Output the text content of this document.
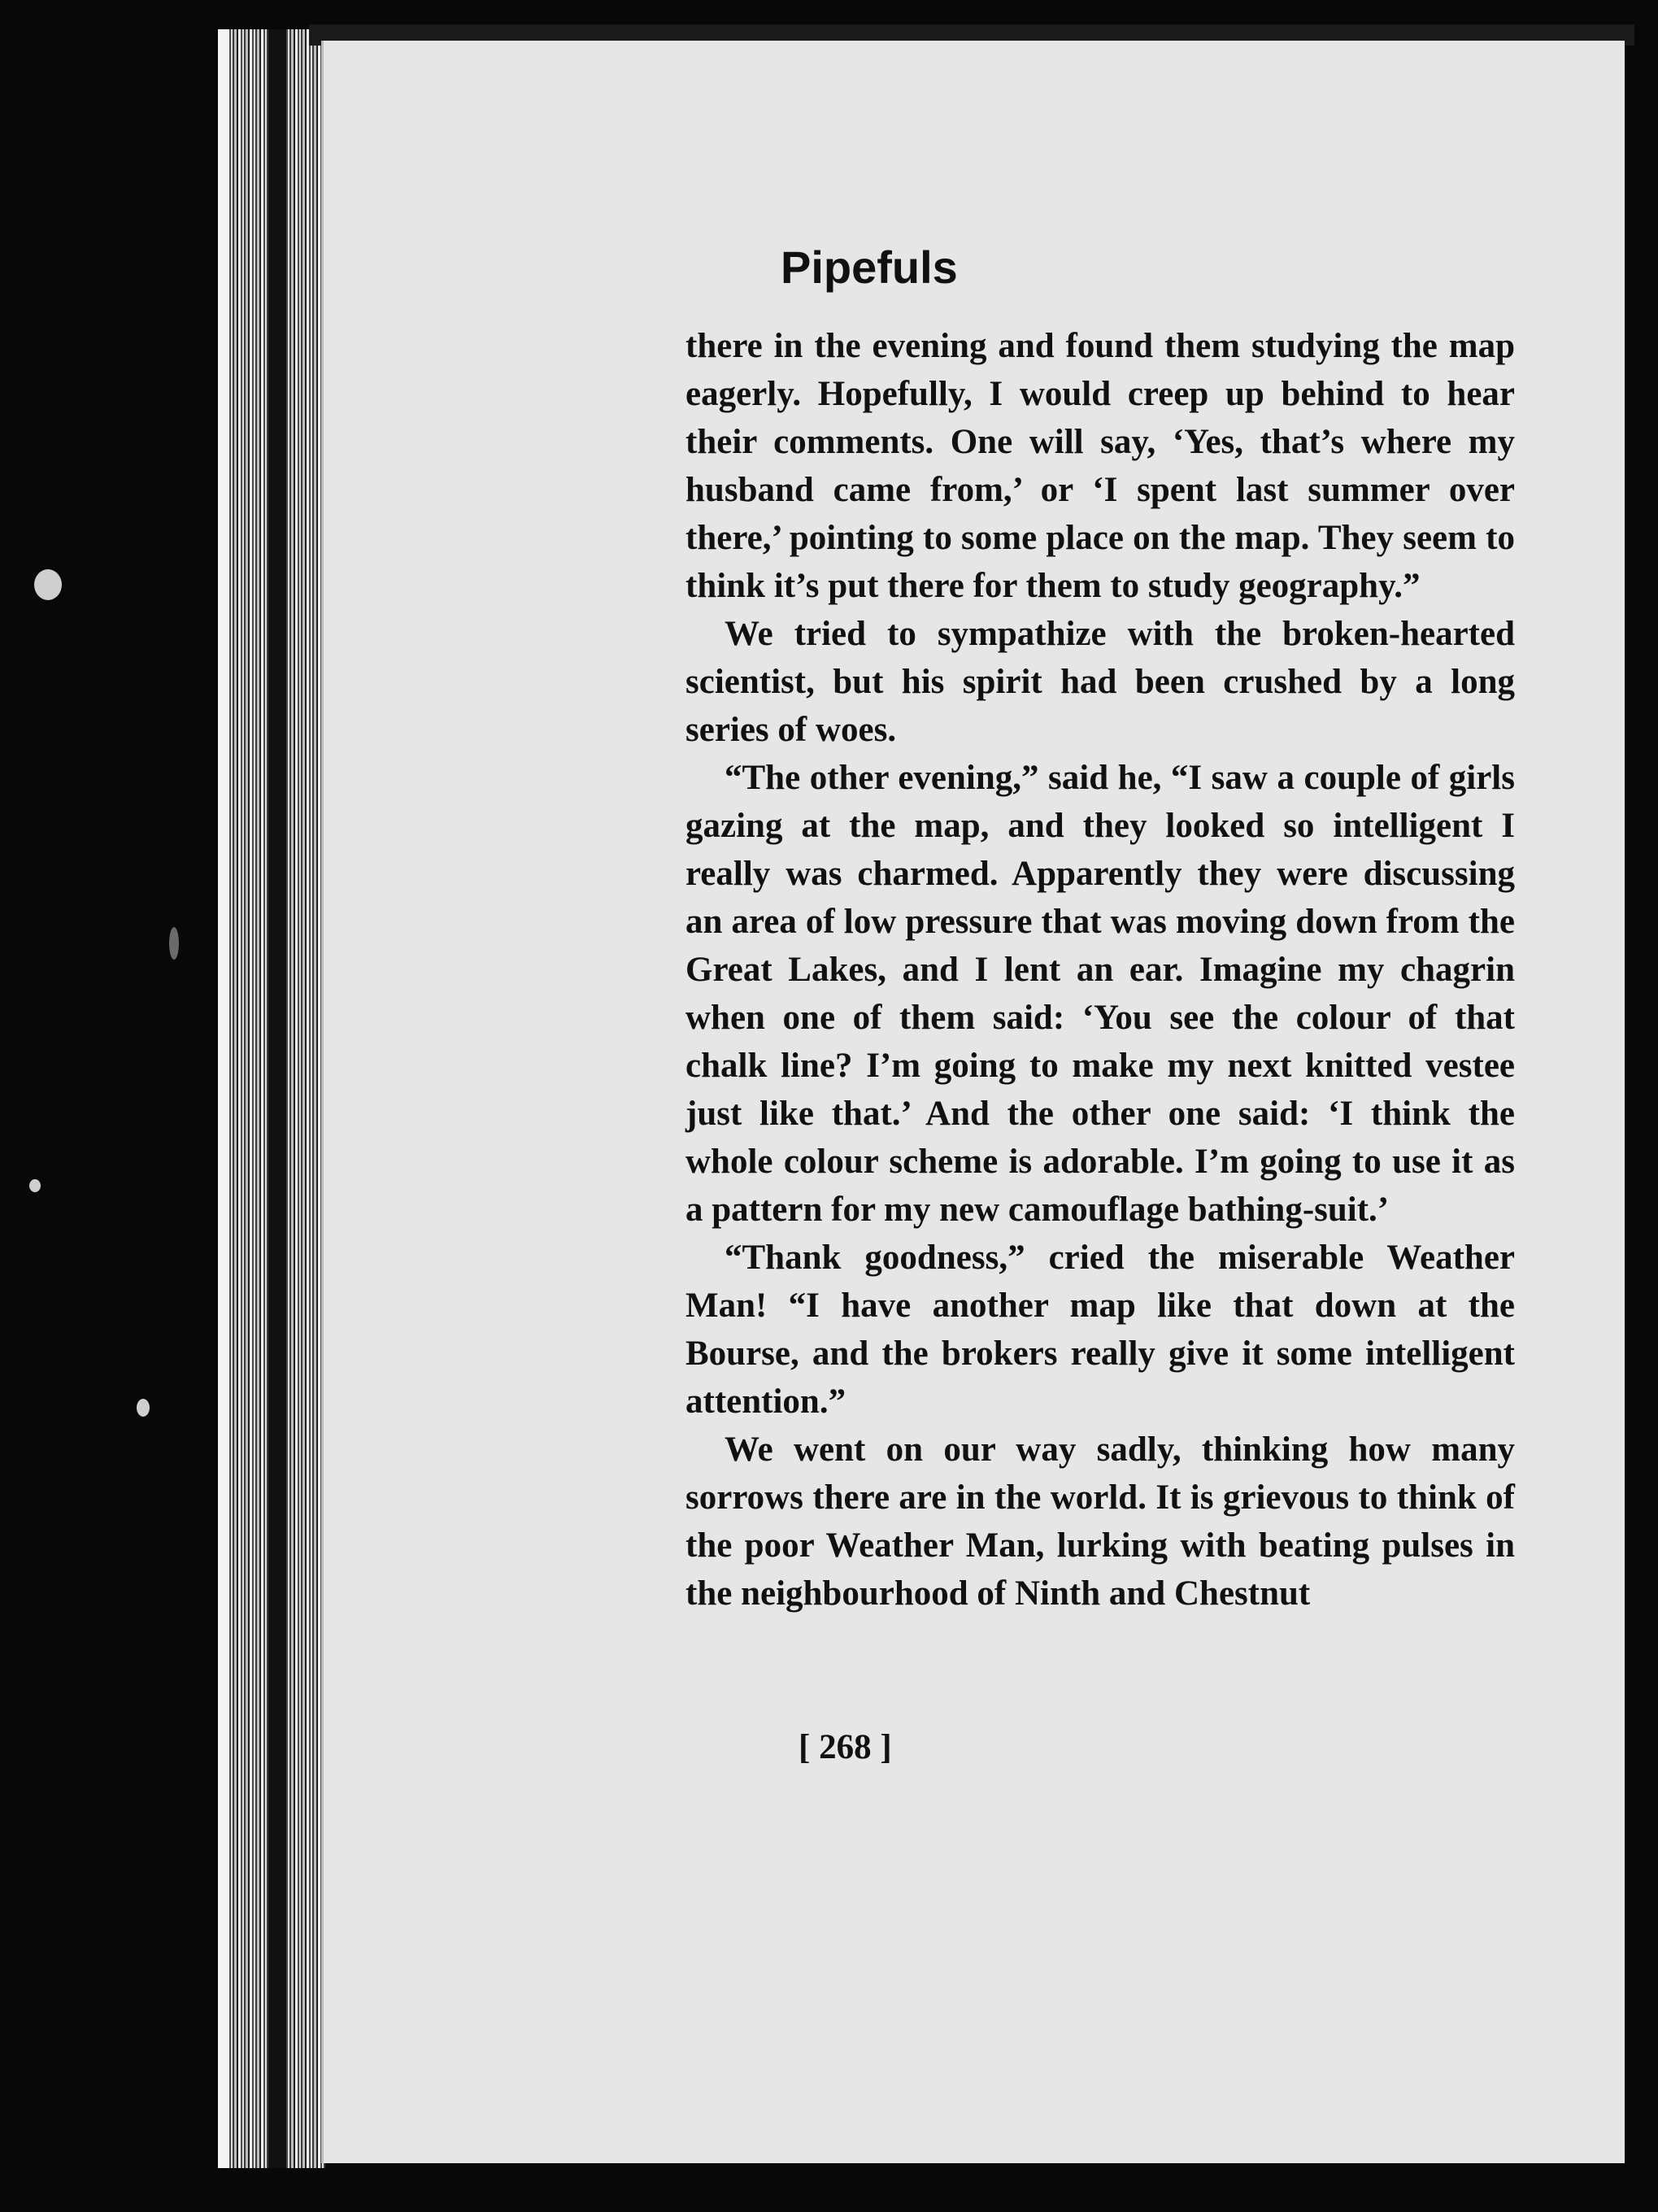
Pipefuls

there in the evening and found them studying the map eagerly. Hopefully, I would creep up behind to hear their comments. One will say, ‘Yes, that’s where my husband came from,’ or ‘I spent last summer over there,’ pointing to some place on the map. They seem to think it’s put there for them to study geography.”

We tried to sympathize with the broken-hearted scientist, but his spirit had been crushed by a long series of woes.

“The other evening,” said he, “I saw a couple of girls gazing at the map, and they looked so intelligent I really was charmed. Apparently they were discussing an area of low pressure that was moving down from the Great Lakes, and I lent an ear. Imagine my chagrin when one of them said: ‘You see the colour of that chalk line? I’m going to make my next knitted vestee just like that.’ And the other one said: ‘I think the whole colour scheme is adorable. I’m going to use it as a pattern for my new camouflage bathing-suit.’

“Thank goodness,” cried the miserable Weather Man! “I have another map like that down at the Bourse, and the brokers really give it some intelligent attention.”

We went on our way sadly, thinking how many sorrows there are in the world. It is grievous to think of the poor Weather Man, lurking with beating pulses in the neighbourhood of Ninth and Chestnut

[ 268 ]
